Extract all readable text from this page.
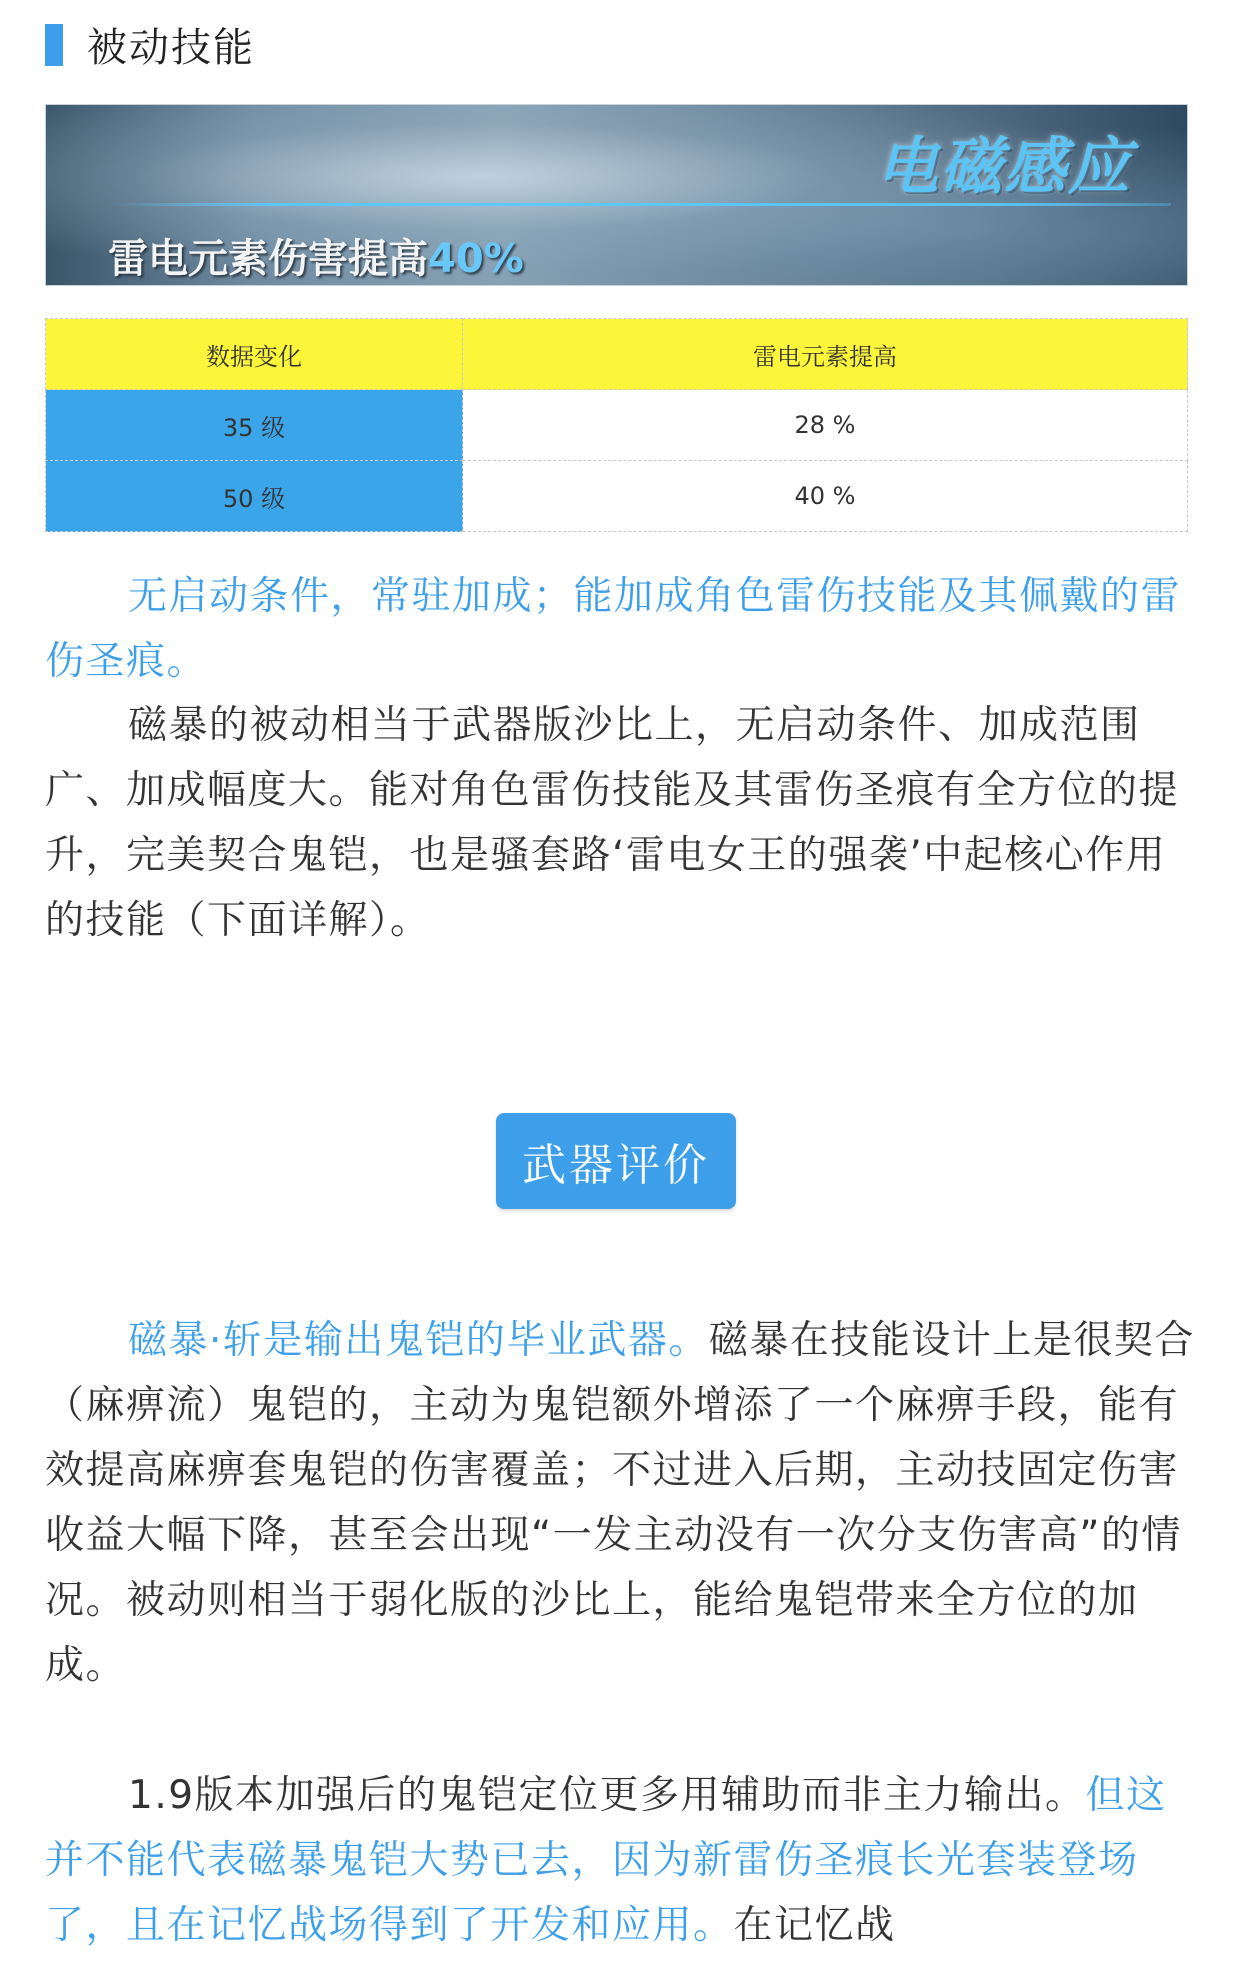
被动技能
电磁感应
雷电元素伤害提高40%
数据变化	雷电元素提高
35 级	28 %
50 级	40 %

无启动条件，常驻加成；能加成角色雷伤技能及其佩戴的雷伤圣痕。

磁暴的被动相当于武器版沙比上，无启动条件、加成范围广、加成幅度大。能对角色雷伤技能及其雷伤圣痕有全方位的提升，完美契合鬼铠，也是骚套路‘雷电女王的强袭’中起核心作用的技能（下面详解）。

武器评价

磁暴·斩是输出鬼铠的毕业武器。磁暴在技能设计上是很契合（麻痹流）鬼铠的，主动为鬼铠额外增添了一个麻痹手段，能有效提高麻痹套鬼铠的伤害覆盖；不过进入后期，主动技固定伤害收益大幅下降，甚至会出现“一发主动没有一次分支伤害高”的情况。被动则相当于弱化版的沙比上，能给鬼铠带来全方位的加成。

1.9版本加强后的鬼铠定位更多用辅助而非主力输出。但这并不能代表磁暴鬼铠大势已去，因为新雷伤圣痕长光套装登场了，且在记忆战场得到了开发和应用。在记忆战
